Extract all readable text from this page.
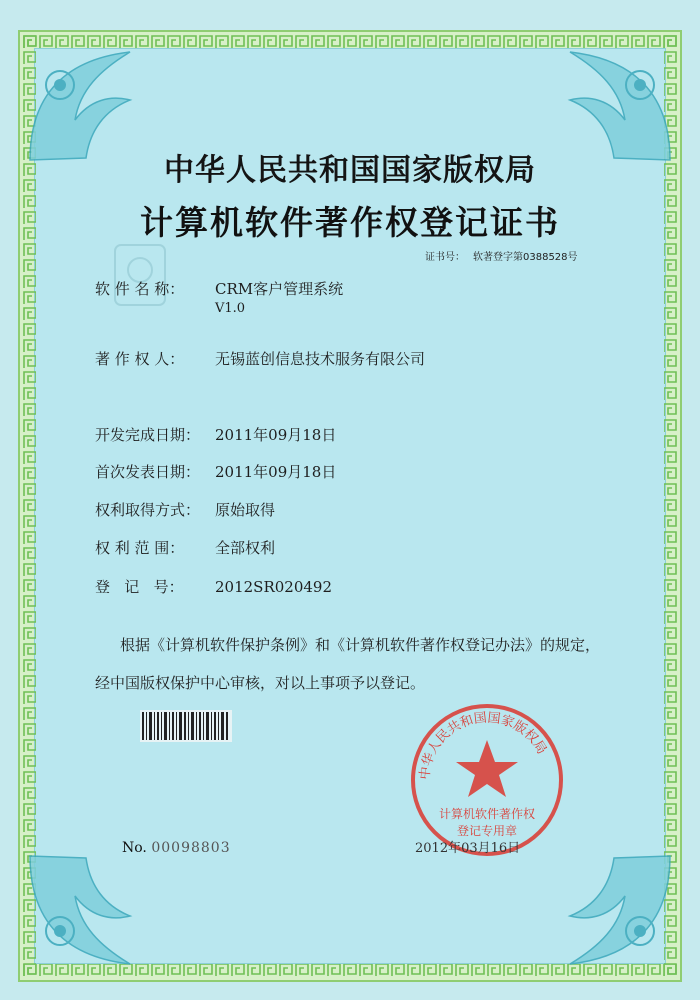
中华人民共和国国家版权局
计算机软件著作权登记证书
证书号： 软著登字第0388528号
软 件 名 称： CRM客户管理系统
V1.0
著 作 权 人： 无锡蓝创信息技术服务有限公司
开发完成日期： 2011年09月18日
首次发表日期： 2011年09月18日
权利取得方式： 原始取得
权 利 范 围： 全部权利
登   记   号： 2012SR020492
根据《计算机软件保护条例》和《计算机软件著作权登记办法》的规定，经中国版权保护中心审核，对以上事项予以登记。
No. 00098803
计算机软件著作权
登记专用章
中华人民共和国国家版权局
2012年03月16日
